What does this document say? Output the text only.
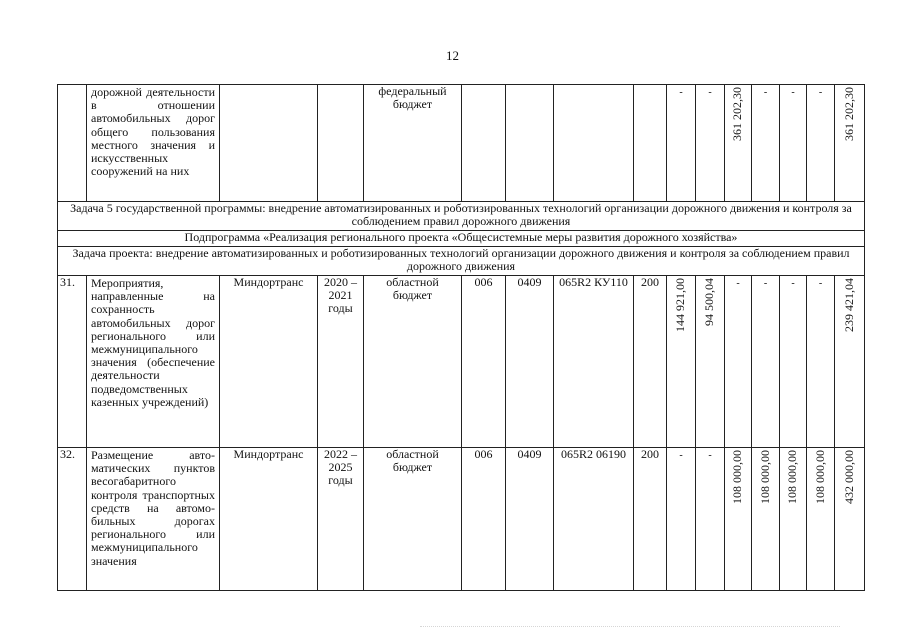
12
	дорожной деятельности в отношении автомобильных дорог общего пользования местного значения и искусственных сооружений на них			федеральный бюджет					-	-	361 202,30	-	-	-	361 202,30
Задача 5 государственной программы: внедрение автоматизированных и роботизированных технологий организации дорожного движения и контроля за соблюдением правил дорожного движения															
Подпрограмма «Реализация регионального проекта «Общесистемные меры развития дорожного хозяйства»															
Задача проекта: внедрение автоматизированных и роботизированных технологий организации дорожного движения и контроля за соблюдением правил дорожного движения															
31.	Мероприятия, направленные на сохранность автомобильных дорог регионального или межмуниципального значения (обеспечение деятельности подведомственных казенных учреждений)	Миндортранс	2020 – 2021 годы	областной бюджет	006	0409	065R2 КУ110	200	144 921,00	94 500,04	-	-	-	-	239 421,04
32.	Размещение авто-матических пунктов весогабаритного контроля транспортных средств на автомо-бильных дорогах регионального или межмуниципального значения	Миндортранс	2022 – 2025 годы	областной бюджет	006	0409	065R2 06190	200	-	-	108 000,00	108 000,00	108 000,00	108 000,00	432 000,00
